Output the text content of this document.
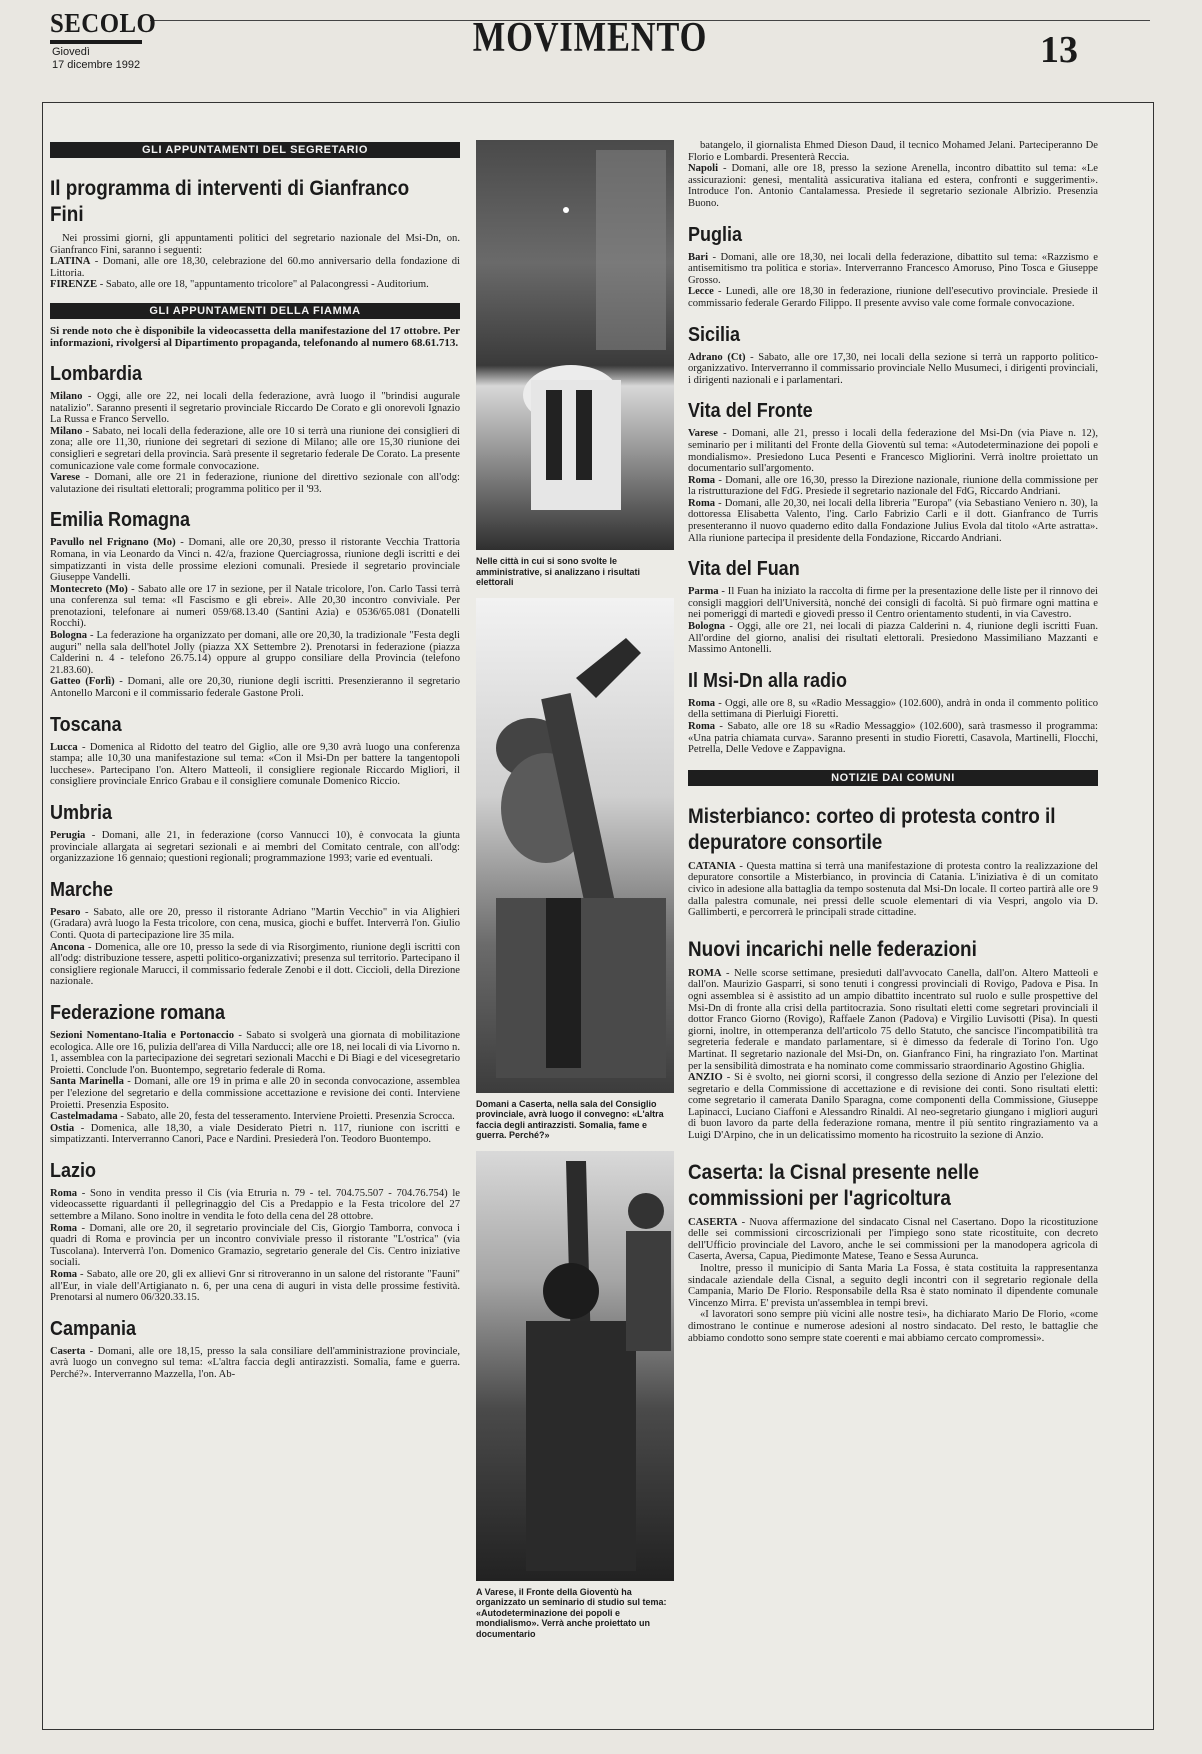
SECOLO
Giovedì
17 dicembre 1992
MOVIMENTO	13
GLI APPUNTAMENTI DEL SEGRETARIO
Il programma di interventi di Gianfranco Fini

Nei prossimi giorni, gli appuntamenti politici del segretario nazionale del Msi-Dn, on. Gianfranco Fini, saranno i seguenti:

LATINA - Domani, alle ore 18,30, celebrazione del 60.mo anniversario della fondazione di Littoria.

FIRENZE - Sabato, alle ore 18, "appuntamento tricolore" al Palacongressi - Auditorium.

GLI APPUNTAMENTI DELLA FIAMMA

Si rende noto che è disponibile la videocassetta della manifestazione del 17 ottobre. Per informazioni, rivolgersi al Dipartimento propaganda, telefonando al numero 68.61.713.

Lombardia

Milano - Oggi, alle ore 22, nei locali della federazione, avrà luogo il "brindisi augurale natalizio". Saranno presenti il segretario provinciale Riccardo De Corato e gli onorevoli Ignazio La Russa e Franco Servello.

Milano - Sabato, nei locali della federazione, alle ore 10 si terrà una riunione dei consiglieri di zona; alle ore 11,30, riunione dei segretari di sezione di Milano; alle ore 15,30 riunione dei consiglieri e segretari della provincia. Sarà presente il segretario federale De Corato. La presente comunicazione vale come formale convocazione.

Varese - Domani, alle ore 21 in federazione, riunione del direttivo sezionale con all'odg: valutazione dei risultati elettorali; programma politico per il '93.

Emilia Romagna

Pavullo nel Frignano (Mo) - Domani, alle ore 20,30, presso il ristorante Vecchia Trattoria Romana, in via Leonardo da Vinci n. 42/a, frazione Querciagrossa, riunione degli iscritti e dei simpatizzanti in vista delle prossime elezioni comunali. Presiede il segretario provinciale Giuseppe Vandelli.

Montecreto (Mo) - Sabato alle ore 17 in sezione, per il Natale tricolore, l'on. Carlo Tassi terrà una conferenza sul tema: «Il Fascismo e gli ebrei». Alle 20,30 incontro conviviale. Per prenotazioni, telefonare ai numeri 059/68.13.40 (Santini Azia) e 0536/65.081 (Donatelli Rocchi).

Bologna - La federazione ha organizzato per domani, alle ore 20,30, la tradizionale "Festa degli auguri" nella sala dell'hotel Jolly (piazza XX Settembre 2). Prenotarsi in federazione (piazza Calderini n. 4 - telefono 26.75.14) oppure al gruppo consiliare della Provincia (telefono 21.83.60).

Gatteo (Forlì) - Domani, alle ore 20,30, riunione degli iscritti. Presenzieranno il segretario Antonello Marconi e il commissario federale Gastone Proli.

Toscana

Lucca - Domenica al Ridotto del teatro del Giglio, alle ore 9,30 avrà luogo una conferenza stampa; alle 10,30 una manifestazione sul tema: «Con il Msi-Dn per battere la tangentopoli lucchese». Partecipano l'on. Altero Matteoli, il consigliere regionale Riccardo Migliori, il consigliere provinciale Enrico Grabau e il consigliere comunale Domenico Riccio.

Umbria

Perugia - Domani, alle 21, in federazione (corso Vannucci 10), è convocata la giunta provinciale allargata ai segretari sezionali e ai membri del Comitato centrale, con all'odg: organizzazione 16 gennaio; questioni regionali; programmazione 1993; varie ed eventuali.

Marche

Pesaro - Sabato, alle ore 20, presso il ristorante Adriano "Martin Vecchio" in via Alighieri (Gradara) avrà luogo la Festa tricolore, con cena, musica, giochi e buffet. Interverrà l'on. Giulio Conti. Quota di partecipazione lire 35 mila.

Ancona - Domenica, alle ore 10, presso la sede di via Risorgimento, riunione degli iscritti con all'odg: distribuzione tessere, aspetti politico-organizzativi; presenza sul territorio. Partecipano il consigliere regionale Marucci, il commissario federale Zenobi e il dott. Ciccioli, della Direzione nazionale.

Federazione romana

Sezioni Nomentano-Italia e Portonaccio - Sabato si svolgerà una giornata di mobilitazione ecologica. Alle ore 16, pulizia dell'area di Villa Narducci; alle ore 18, nei locali di via Livorno n. 1, assemblea con la partecipazione dei segretari sezionali Macchi e Di Biagi e del vicesegretario Proietti. Conclude l'on. Buontempo, segretario federale di Roma.

Santa Marinella - Domani, alle ore 19 in prima e alle 20 in seconda convocazione, assemblea per l'elezione del segretario e della commissione accettazione e revisione dei conti. Interviene Proietti. Presenzia Esposito.

Castelmadama - Sabato, alle 20, festa del tesseramento. Interviene Proietti. Presenzia Scrocca.

Ostia - Domenica, alle 18,30, a viale Desiderato Pietri n. 117, riunione con iscritti e simpatizzanti. Interverranno Canori, Pace e Nardini. Presiederà l'on. Teodoro Buontempo.

Lazio

Roma - Sono in vendita presso il Cis (via Etruria n. 79 - tel. 704.75.507 - 704.76.754) le videocassette riguardanti il pellegrinaggio del Cis a Predappio e la Festa tricolore del 27 settembre a Milano. Sono inoltre in vendita le foto della cena del 28 ottobre.

Roma - Domani, alle ore 20, il segretario provinciale del Cis, Giorgio Tamborra, convoca i quadri di Roma e provincia per un incontro conviviale presso il ristorante "L'ostrica" (via Tuscolana). Interverrà l'on. Domenico Gramazio, segretario generale del Cis. Centro iniziative sociali.

Roma - Sabato, alle ore 20, gli ex allievi Gnr si ritroveranno in un salone del ristorante "Fauni" all'Eur, in viale dell'Artigianato n. 6, per una cena di auguri in vista delle prossime festività. Prenotarsi al numero 06/320.33.15.

Campania

Caserta - Domani, alle ore 18,15, presso la sala consiliare dell'amministrazione provinciale, avrà luogo un convegno sul tema: «L'altra faccia degli antirazzisti. Somalia, fame e guerra. Perché?». Interverranno Mazzella, l'on. Ab-

Nelle città in cui si sono svolte le amministrative, si analizzano i risultati elettorali
Domani a Caserta, nella sala del Consiglio provinciale, avrà luogo il convegno: «L'altra faccia degli antirazzisti. Somalia, fame e guerra. Perché?»
A Varese, il Fronte della Gioventù ha organizzato un seminario di studio sul tema: «Autodeterminazione dei popoli e mondialismo». Verrà anche proiettato un documentario

batangelo, il giornalista Ehmed Dieson Daud, il tecnico Mohamed Jelani. Parteciperanno De Florio e Lombardi. Presenterà Reccia.

Napoli - Domani, alle ore 18, presso la sezione Arenella, incontro dibattito sul tema: «Le assicurazioni: genesi, mentalità assicurativa italiana ed estera, confronti e suggerimenti». Introduce l'on. Antonio Cantalamessa. Presiede il segretario sezionale Albrizio. Presenzia Buono.

Puglia

Bari - Domani, alle ore 18,30, nei locali della federazione, dibattito sul tema: «Razzismo e antisemitismo tra politica e storia». Interverranno Francesco Amoruso, Pino Tosca e Giuseppe Grosso.

Lecce - Lunedì, alle ore 18,30 in federazione, riunione dell'esecutivo provinciale. Presiede il commissario federale Gerardo Filippo. Il presente avviso vale come formale convocazione.

Sicilia

Adrano (Ct) - Sabato, alle ore 17,30, nei locali della sezione si terrà un rapporto politico-organizzativo. Interverranno il commissario provinciale Nello Musumeci, i dirigenti provinciali, i dirigenti nazionali e i parlamentari.

Vita del Fronte

Varese - Domani, alle 21, presso i locali della federazione del Msi-Dn (via Piave n. 12), seminario per i militanti del Fronte della Gioventù sul tema: «Autodeterminazione dei popoli e mondialismo». Presiedono Luca Pesenti e Francesco Migliorini. Verrà inoltre proiettato un documentario sull'argomento.

Roma - Domani, alle ore 16,30, presso la Direzione nazionale, riunione della commissione per la ristrutturazione del FdG. Presiede il segretario nazionale del FdG, Riccardo Andriani.

Roma - Domani, alle 20,30, nei locali della libreria "Europa" (via Sebastiano Veniero n. 30), la dottoressa Elisabetta Valento, l'ing. Carlo Fabrizio Carli e il dott. Gianfranco de Turris presenteranno il nuovo quaderno edito dalla Fondazione Julius Evola dal titolo «Arte astratta». Alla riunione partecipa il presidente della Fondazione, Riccardo Andriani.

Vita del Fuan

Parma - Il Fuan ha iniziato la raccolta di firme per la presentazione delle liste per il rinnovo dei consigli maggiori dell'Università, nonché dei consigli di facoltà. Si può firmare ogni mattina e nei pomeriggi di martedì e giovedì presso il Centro orientamento studenti, in via Cavestro.

Bologna - Oggi, alle ore 21, nei locali di piazza Calderini n. 4, riunione degli iscritti Fuan. All'ordine del giorno, analisi dei risultati elettorali. Presiedono Massimiliano Mazzanti e Massimo Antonelli.

Il Msi-Dn alla radio

Roma - Oggi, alle ore 8, su «Radio Messaggio» (102.600), andrà in onda il commento politico della settimana di Pierluigi Fioretti.

Roma - Sabato, alle ore 18 su «Radio Messaggio» (102.600), sarà trasmesso il programma: «Una patria chiamata curva». Saranno presenti in studio Fioretti, Casavola, Martinelli, Flocchi, Petrella, Delle Vedove e Zappavigna.

NOTIZIE DAI COMUNI
Misterbianco: corteo di protesta contro il depuratore consortile

CATANIA - Questa mattina si terrà una manifestazione di protesta contro la realizzazione del depuratore consortile a Misterbianco, in provincia di Catania. L'iniziativa è di un comitato civico in adesione alla battaglia da tempo sostenuta dal Msi-Dn locale. Il corteo partirà alle ore 9 dalla palestra comunale, nei pressi delle scuole elementari di via Vespri, angolo via D. Gallimberti, e percorrerà le principali strade cittadine.

Nuovi incarichi nelle federazioni

ROMA - Nelle scorse settimane, presieduti dall'avvocato Canella, dall'on. Altero Matteoli e dall'on. Maurizio Gasparri, si sono tenuti i congressi provinciali di Rovigo, Padova e Pisa. In ogni assemblea si è assistito ad un ampio dibattito incentrato sul ruolo e sulle prospettive del Msi-Dn di fronte alla crisi della partitocrazia. Sono risultati eletti come segretari provinciali il dottor Franco Giorno (Rovigo), Raffaele Zanon (Padova) e Virgilio Luvisotti (Pisa). In questi giorni, inoltre, in ottemperanza dell'articolo 75 dello Statuto, che sancisce l'incompatibilità tra segreteria federale e mandato parlamentare, si è dimesso da federale di Torino l'on. Ugo Martinat. Il segretario nazionale del Msi-Dn, on. Gianfranco Fini, ha ringraziato l'on. Martinat per la sensibilità dimostrata e ha nominato come commissario straordinario Agostino Ghiglia.

ANZIO - Si è svolto, nei giorni scorsi, il congresso della sezione di Anzio per l'elezione del segretario e della Commissione di accettazione e di revisione dei conti. Sono risultati eletti: come segretario il camerata Danilo Sparagna, come componenti della Commissione, Giuseppe Lapinacci, Luciano Ciaffoni e Alessandro Rinaldi. Al neo-segretario giungano i migliori auguri di buon lavoro da parte della federazione romana, mentre il più sentito ringraziamento va a Luigi D'Arpino, che in un delicatissimo momento ha ricostruito la sezione di Anzio.

Caserta: la Cisnal presente nelle commissioni per l'agricoltura

CASERTA - Nuova affermazione del sindacato Cisnal nel Casertano. Dopo la ricostituzione delle sei commissioni circoscrizionali per l'impiego sono state ricostituite, con decreto dell'Ufficio provinciale del Lavoro, anche le sei commissioni per la manodopera agricola di Caserta, Aversa, Capua, Piedimonte Matese, Teano e Sessa Aurunca.

Inoltre, presso il municipio di Santa Maria La Fossa, è stata costituita la rappresentanza sindacale aziendale della Cisnal, a seguito degli incontri con il segretario regionale della Campania, Mario De Florio. Responsabile della Rsa è stato nominato il dipendente comunale Vincenzo Mirra. E' prevista un'assemblea in tempi brevi.

«I lavoratori sono sempre più vicini alle nostre tesi», ha dichiarato Mario De Florio, «come dimostrano le continue e numerose adesioni al nostro sindacato. Del resto, le battaglie che abbiamo condotto sono sempre state coerenti e mai abbiamo cercato compromessi».
